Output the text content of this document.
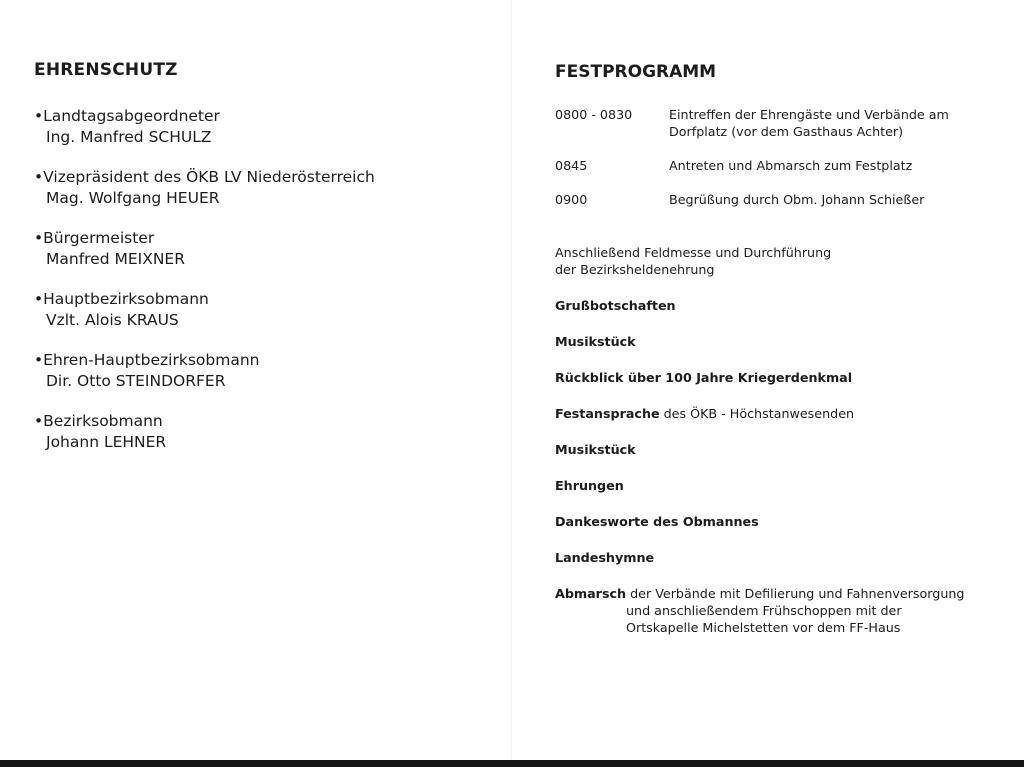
EHRENSCHUTZ
• Landtagsabgeordneter
Ing. Manfred SCHULZ
• Vizepräsident des ÖKB LV Niederösterreich
Mag. Wolfgang HEUER
• Bürgermeister
Manfred MEIXNER
• Hauptbezirksobmann
Vzlt. Alois KRAUS
• Ehren-Hauptbezirksobmann
Dir. Otto STEINDORFER
• Bezirksobmann
Johann LEHNER
FESTPROGRAMM
0800 - 0830	Eintreffen der Ehrengäste und Verbände am Dorfplatz (vor dem Gasthaus Achter)
0845	Antreten und Abmarsch zum Festplatz
0900	Begrüßung durch Obm. Johann Schießer
Anschließend Feldmesse und Durchführung
der Bezirksheldenehrung
Grußbotschaften
Musikstück
Rückblick über 100 Jahre Kriegerdenkmal
Festansprache des ÖKB - Höchstanwesenden
Musikstück
Ehrungen
Dankesworte des Obmannes
Landeshymne
Abmarsch der Verbände mit Defilierung und Fahnenversorgung
und anschließendem Frühschoppen mit der
Ortskapelle Michelstetten vor dem FF-Haus
